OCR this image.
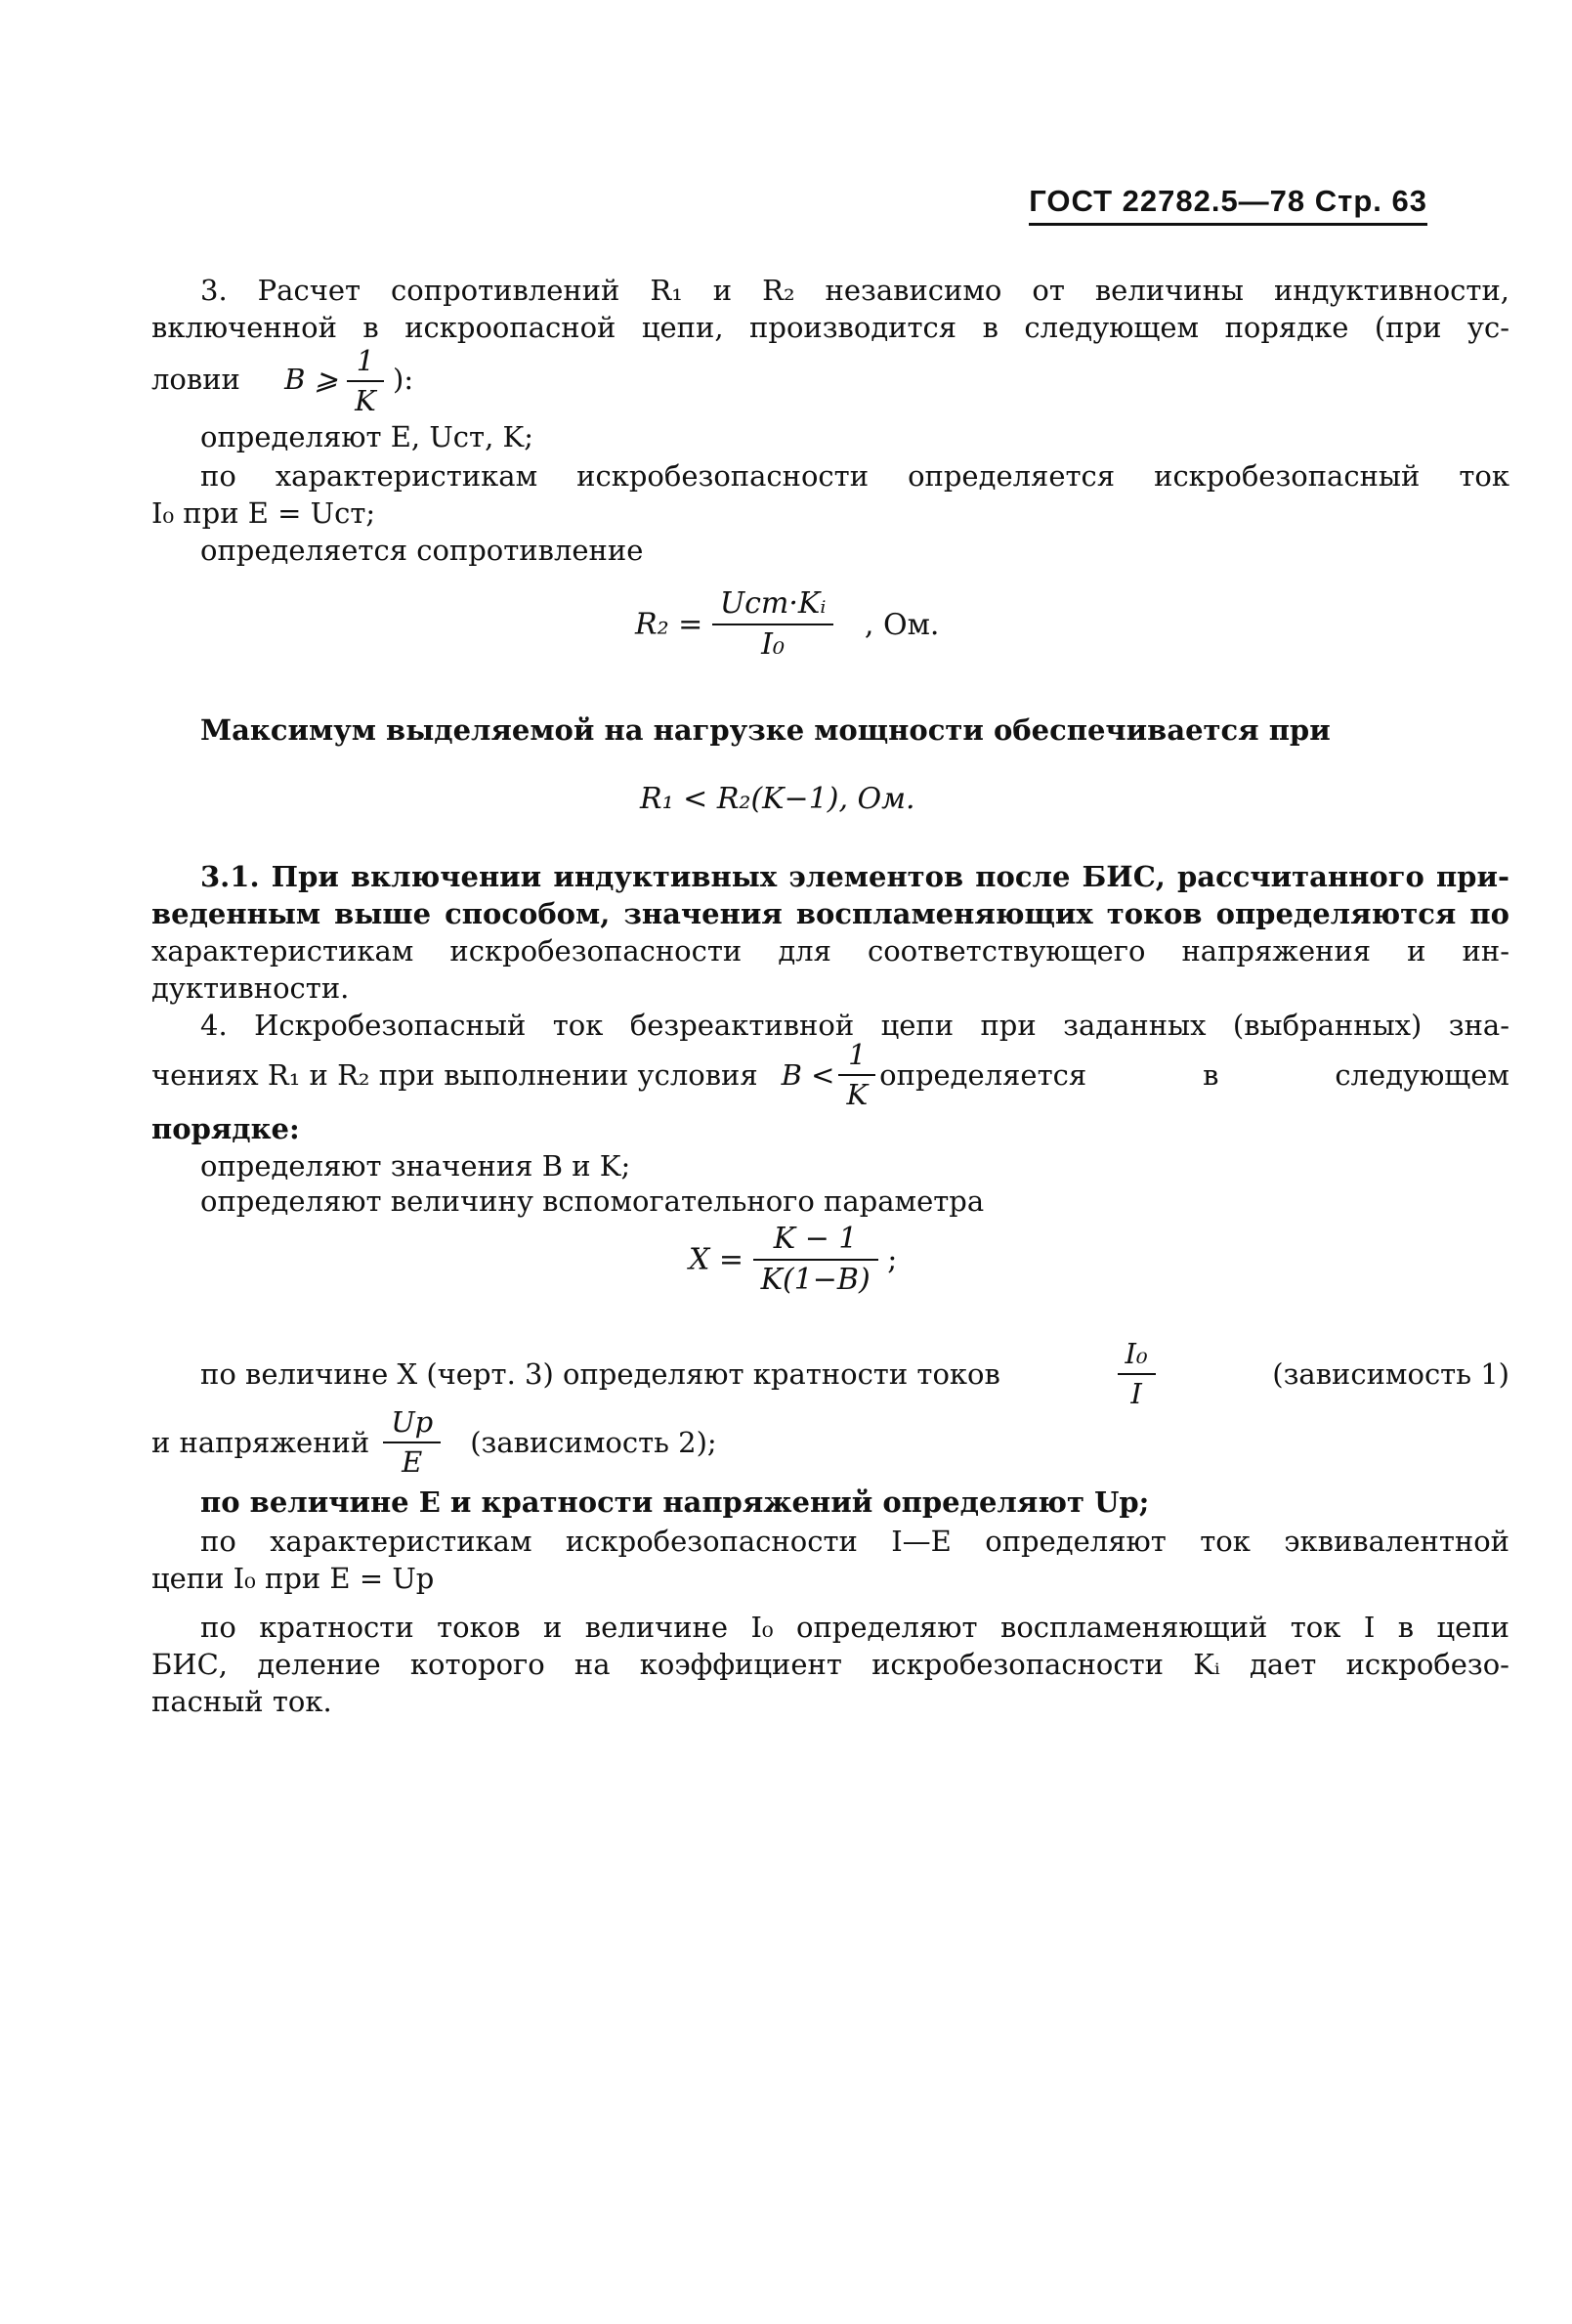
ГОСТ 22782.5—78 Стр. 63
3. Расчет сопротивлений R₁ и R₂ независимо от величины индуктивности,
включенной в искроопасной цепи, производится в следующем порядке (при ус-
ловии B ⩾ $\frac{1}{K}$ ):
определяют E, Uст, K;
по характеристикам искробезопасности определяется искробезопасный ток
I₀ при E = Uст;
определяется сопротивление
$R_2 = \frac{\text{Uст·Kᵢ}}{\text{I₀}}$ , Ом.
Максимум выделяемой на нагрузке мощности обеспечивается при
R₁ < R₂(K−1), Ом.
3.1. При включении индуктивных элементов после БИС, рассчитанного при-
веденным выше способом, значения воспламеняющих токов определяются по
характеристикам искробезопасности для соответствующего напряжения и ин-
дуктивности.
4. Искробезопасный ток безреактивной цепи при заданных (выбранных) зна-
чениях R₁ и R₂ при выполнении условия $B < \frac{1}{K}$ определяется в следующем
порядке:
определяют значения B и K;
определяют величину вспомогательного параметра
$X = \frac{K - 1}{K(1-B)}$ ;
по величине X (черт. 3) определяют кратности токов	$\frac{\text{I₀}}{I}$	(зависимость 1)
и напряжений $\frac{Uр}{E}$ (зависимость 2);
по величине E и кратности напряжений определяют Uр;
по характеристикам искробезопасности I—E определяют ток эквивалентной
цепи I₀ при E = Uр
по кратности токов и величине I₀ определяют воспламеняющий ток I в цепи
БИС, деление которого на коэффициент искробезопасности Kᵢ дает искробезо-
пасный ток.
